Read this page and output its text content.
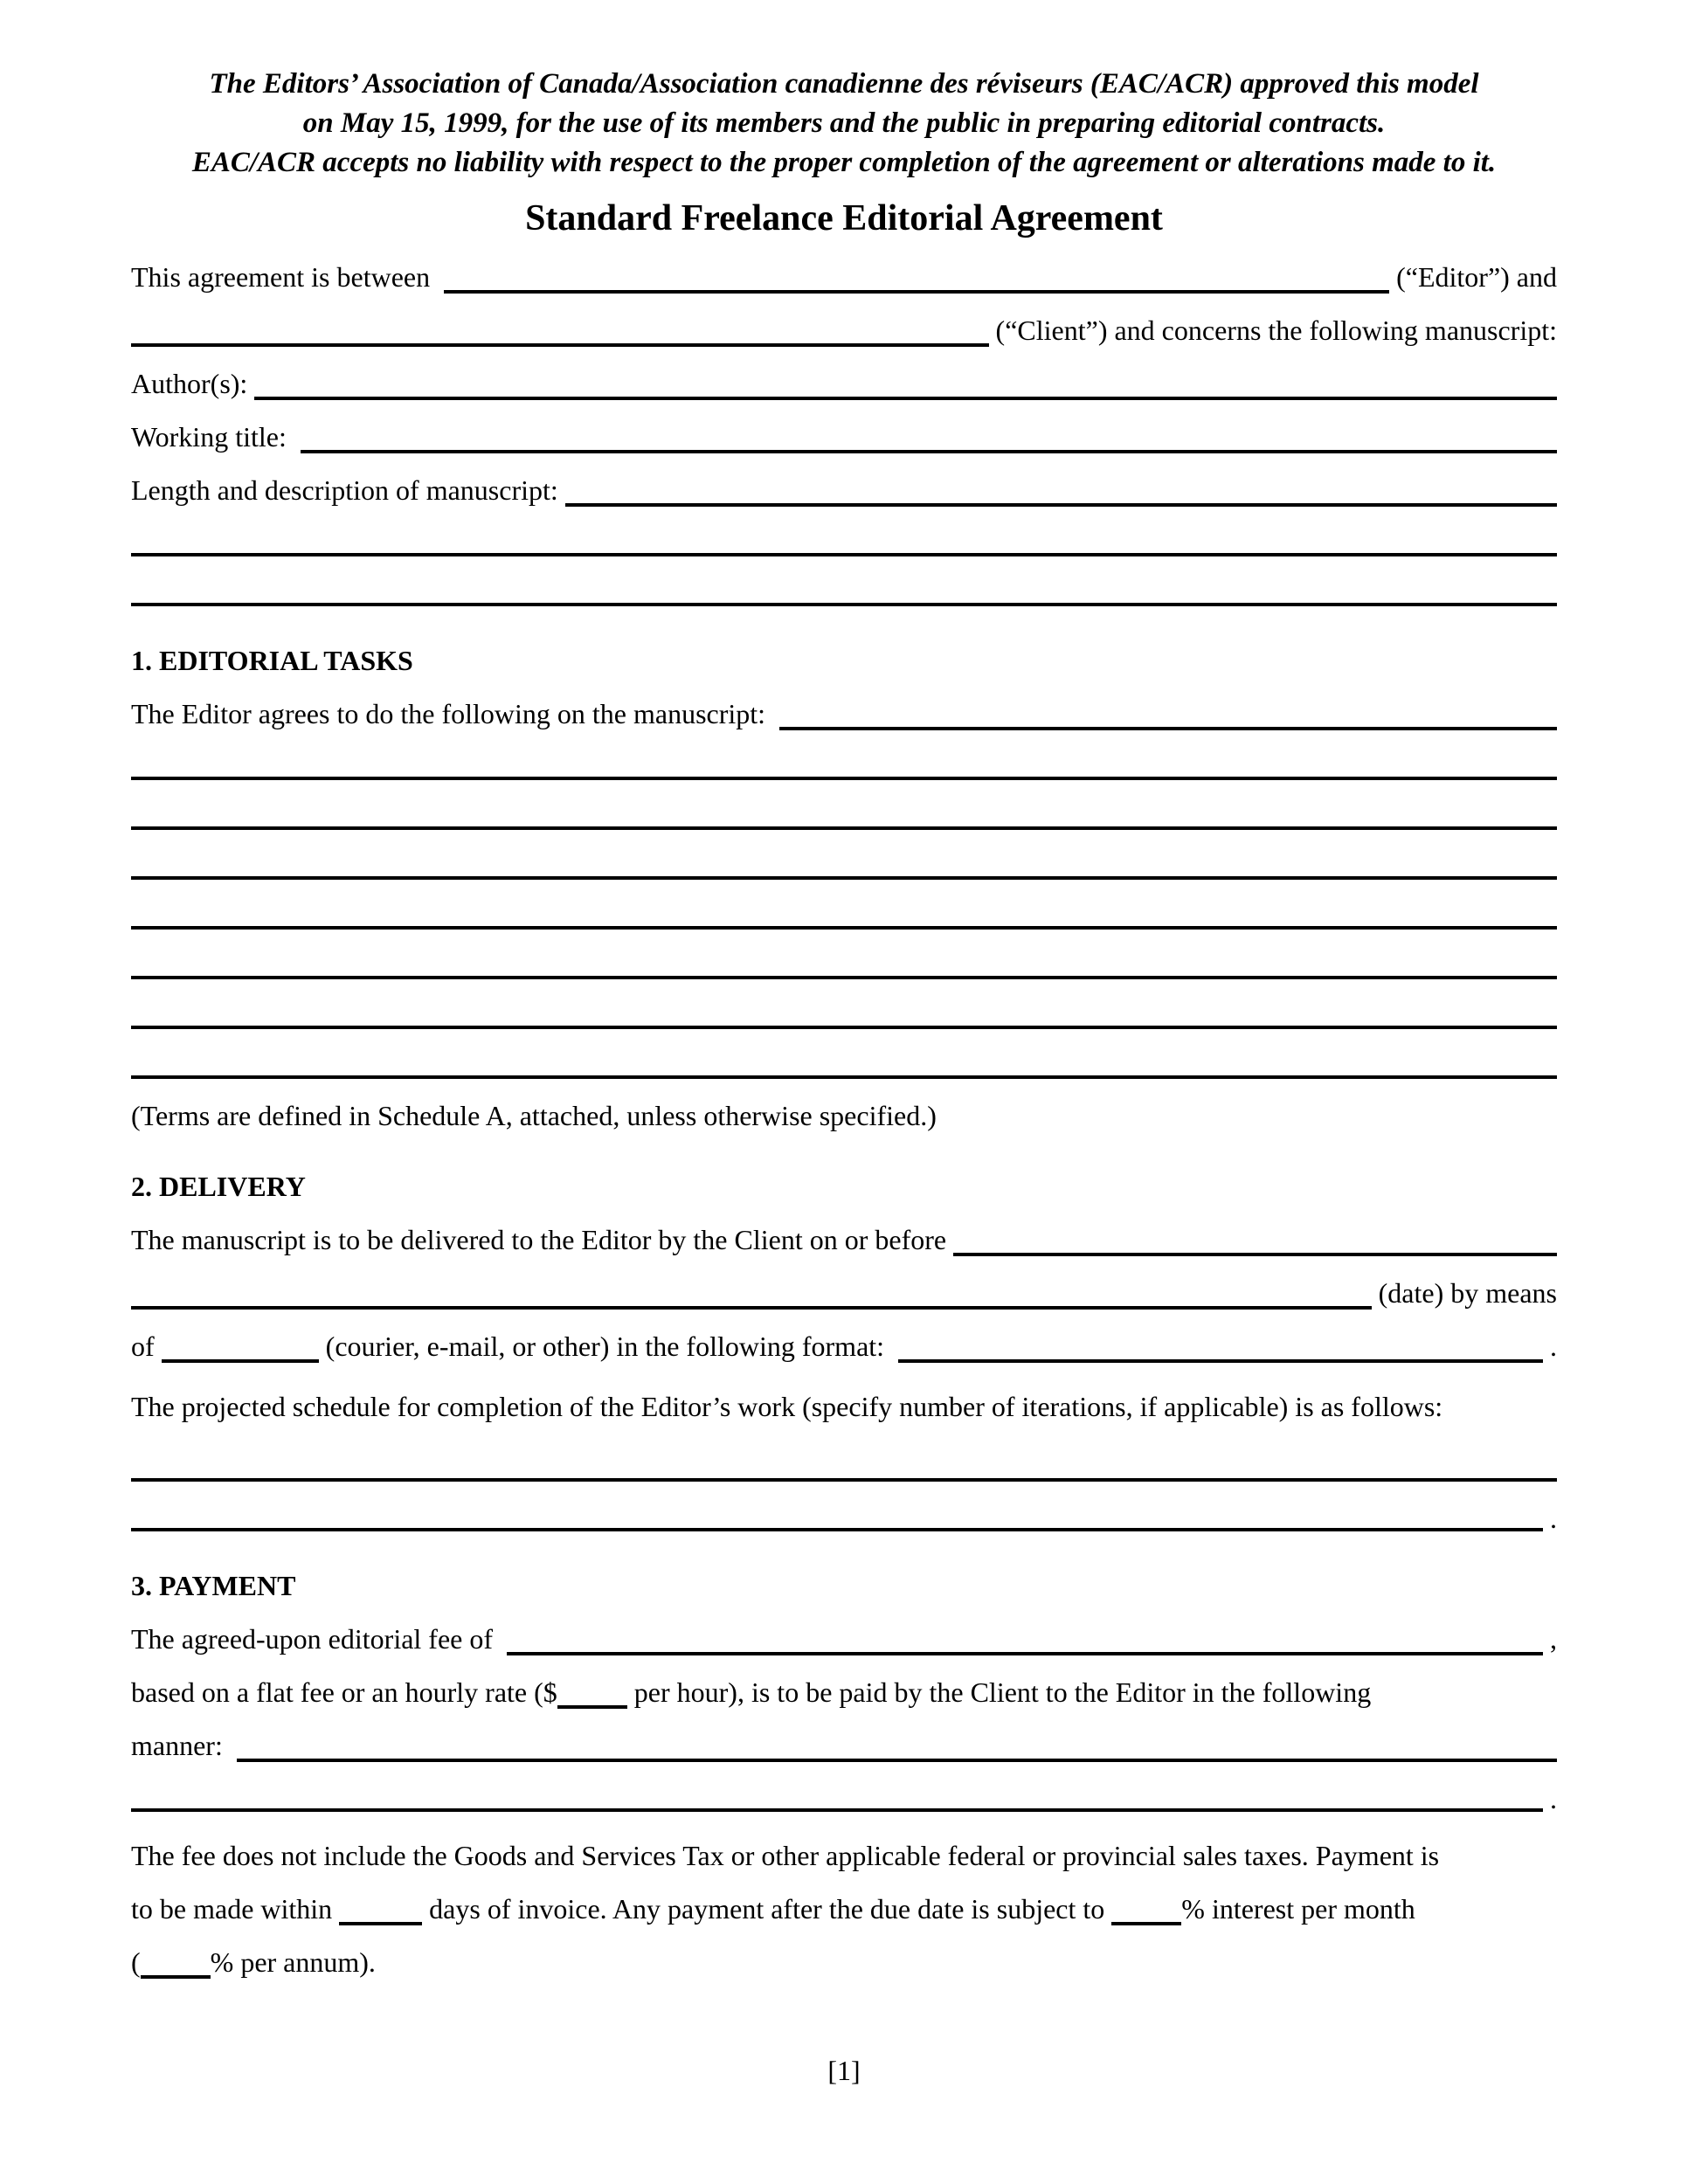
The Editors’ Association of Canada/Association canadienne des réviseurs (EAC/ACR) approved this model
on May 15, 1999, for the use of its members and the public in preparing editorial contracts.
EAC/ACR accepts no liability with respect to the proper completion of the agreement or alterations made to it.
Standard Freelance Editorial Agreement
This agreement is between	(“Editor”) and
(“Client”) and concerns the following manuscript:
Author(s):
Working title:
Length and description of manuscript:
1. EDITORIAL TASKS
The Editor agrees to do the following on the manuscript:
(Terms are defined in Schedule A, attached, unless otherwise specified.)
2. DELIVERY
The manuscript is to be delivered to the Editor by the Client on or before
(date) by means
of	(courier, e-mail, or other) in the following format:	.
The projected schedule for completion of the Editor’s work (specify number of iterations, if applicable) is as follows:
.
3. PAYMENT
The agreed-upon editorial fee of	,
based on a flat fee or an hourly rate ($	per hour), is to be paid by the Client to the Editor in the following
manner:
.
The fee does not include the Goods and Services Tax or other applicable federal or provincial sales taxes. Payment is
to be made within	days of invoice. Any payment after the due date is subject to	% interest per month
(	% per annum).
[1]
